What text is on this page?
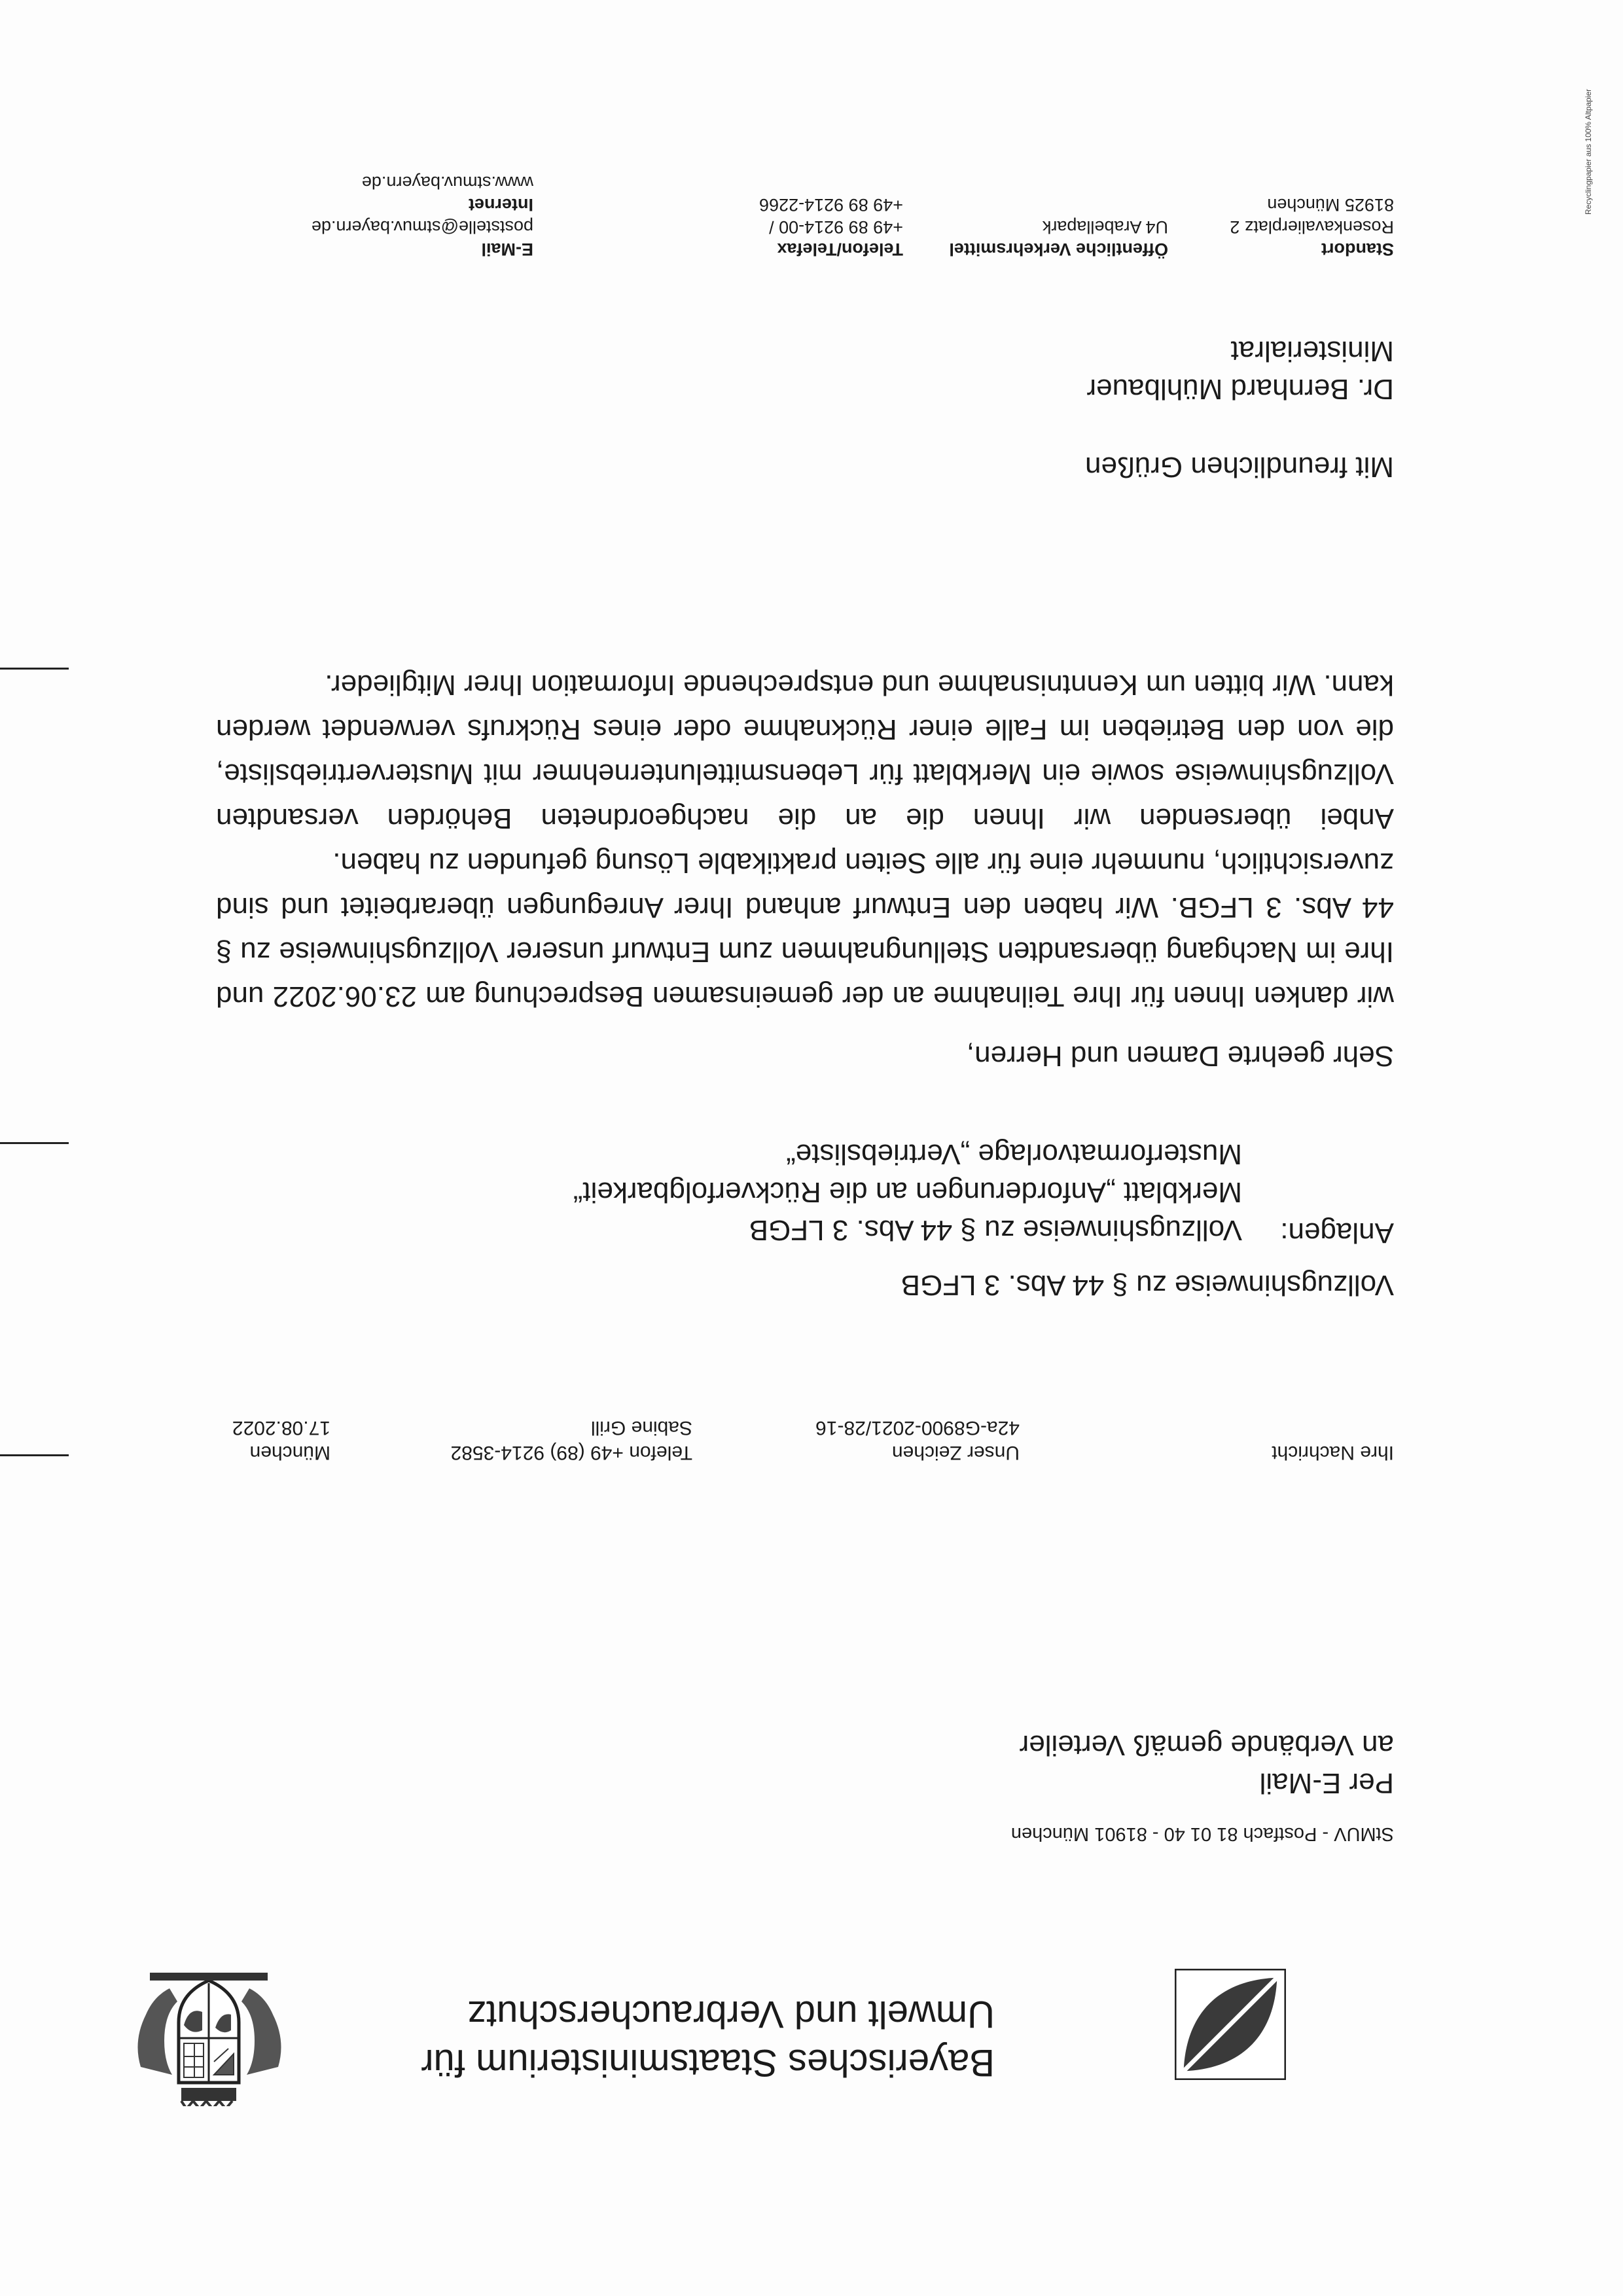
Bayerisches Staatsministerium für
Umwelt und Verbraucherschutz
StMUV - Postfach 81 01 40 - 81901 München
Per E-Mail
an Verbände gemäß Verteiler
Ihre Nachricht
Unser Zeichen
42a-G8900-2021/28-16
Telefon +49 (89) 9214-3582
Sabine Grill
München
17.08.2022
Vollzugshinweise zu § 44 Abs. 3 LFGB
Anlagen:
Vollzugshinweise zu § 44 Abs. 3 LFGB
Merkblatt „Anforderungen an die Rückverfolgbarkeit“
Musterformatvorlage „Vertriebsliste“
Sehr geehrte Damen und Herren,

wir danken Ihnen für Ihre Teilnahme an der gemeinsamen Besprechung am 23.06.2022 und Ihre im Nachgang übersandten Stellungnahmen zum Entwurf unserer Vollzugshinweise zu § 44 Abs. 3 LFGB. Wir haben den Entwurf anhand Ihrer Anregungen überarbeitet und sind zuversichtlich, nunmehr eine für alle Seiten praktikable Lösung gefunden zu haben.

Anbei übersenden wir Ihnen die an die nachgeordneten Behörden versandten Vollzugshinweise sowie ein Merkblatt für Lebensmittelunternehmer mit Mustervertriebsliste, die von den Betrieben im Falle einer Rücknahme oder eines Rückrufs verwendet werden kann. Wir bitten um Kenntnisnahme und entsprechende Information Ihrer Mitglieder.

Mit freundlichen Grüßen
Dr. Bernhard Mühlbauer
Ministerialrat
Standort
Rosenkavalierplatz 2
81925 München
Öffentliche Verkehrsmittel
U4 Arabellapark
Telefon/Telefax
+49 89 9214-00 /
+49 89 9214-2266
E-Mail
poststelle@stmuv.bayern.de
Internet
www.stmuv.bayern.de	Recyclingpapier aus 100% Altpapier
